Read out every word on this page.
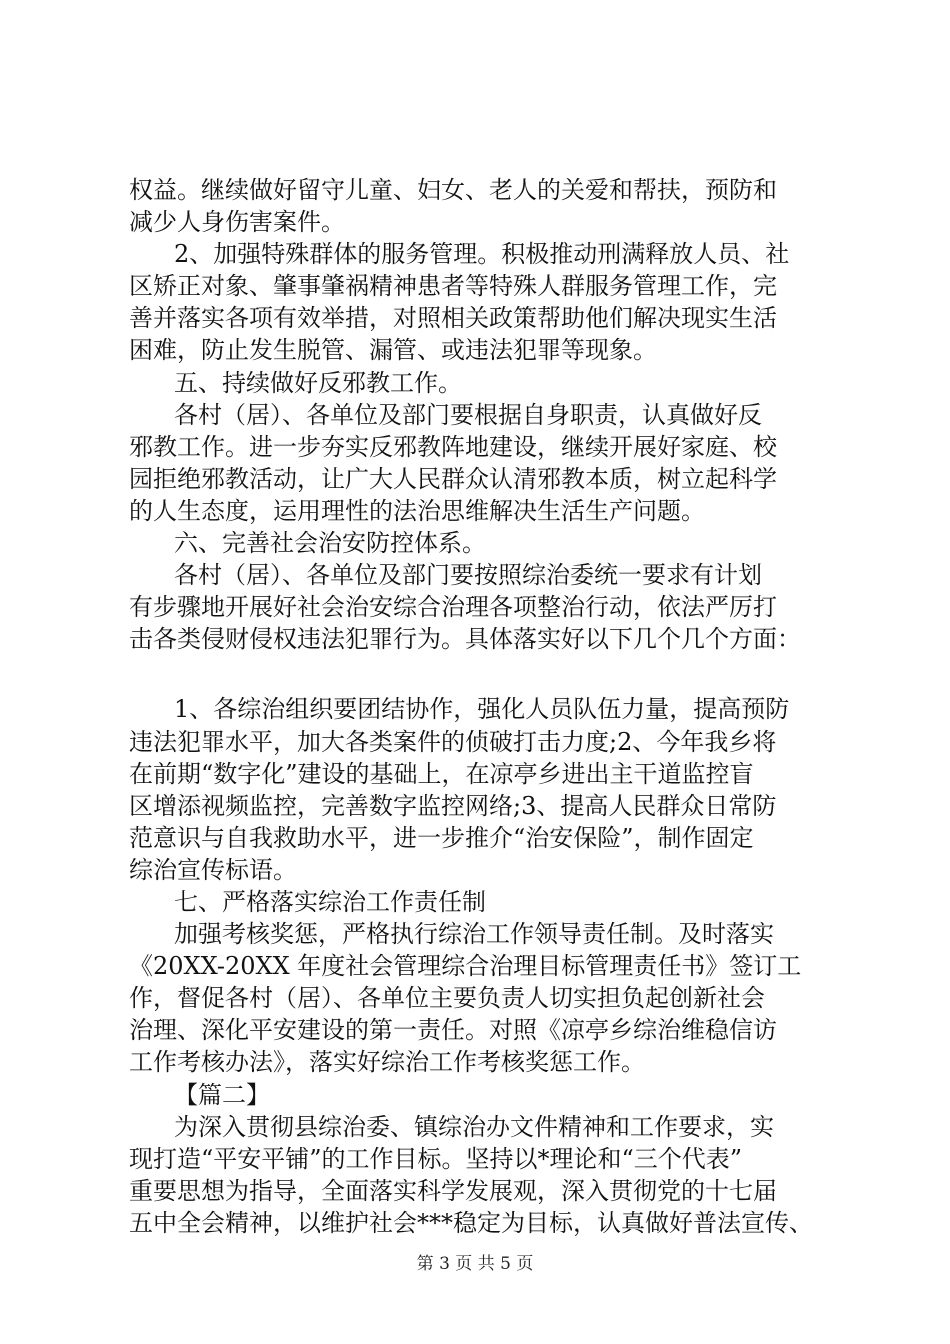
权益。继续做好留守儿童、妇女、老人的关爱和帮扶，预防和
减少人身伤害案件。
2、加强特殊群体的服务管理。积极推动刑满释放人员、社
区矫正对象、肇事肇祸精神患者等特殊人群服务管理工作，完
善并落实各项有效举措，对照相关政策帮助他们解决现实生活
困难，防止发生脱管、漏管、或违法犯罪等现象。
五、持续做好反邪教工作。
各村（居）、各单位及部门要根据自身职责，认真做好反
邪教工作。进一步夯实反邪教阵地建设，继续开展好家庭、校
园拒绝邪教活动，让广大人民群众认清邪教本质，树立起科学
的人生态度，运用理性的法治思维解决生活生产问题。
六、完善社会治安防控体系。
各村（居）、各单位及部门要按照综治委统一要求有计划
有步骤地开展好社会治安综合治理各项整治行动，依法严厉打
击各类侵财侵权违法犯罪行为。具体落实好以下几个几个方面：
1、各综治组织要团结协作，强化人员队伍力量，提高预防
违法犯罪水平，加大各类案件的侦破打击力度;2、今年我乡将
在前期“数字化”建设的基础上，在凉亭乡进出主干道监控盲
区增添视频监控，完善数字监控网络;3、提高人民群众日常防
范意识与自我救助水平，进一步推介“治安保险”，制作固定
综治宣传标语。
七、严格落实综治工作责任制
加强考核奖惩，严格执行综治工作领导责任制。及时落实
《20XX-20XX 年度社会管理综合治理目标管理责任书》签订工
作，督促各村（居）、各单位主要负责人切实担负起创新社会
治理、深化平安建设的第一责任。对照《凉亭乡综治维稳信访
工作考核办法》，落实好综治工作考核奖惩工作。
【篇二】
为深入贯彻县综治委、镇综治办文件精神和工作要求，实
现打造“平安平铺”的工作目标。坚持以*理论和“三个代表”
重要思想为指导，全面落实科学发展观，深入贯彻党的十七届
五中全会精神，以维护社会***稳定为目标，认真做好普法宣传、
第 3 页 共 5 页
